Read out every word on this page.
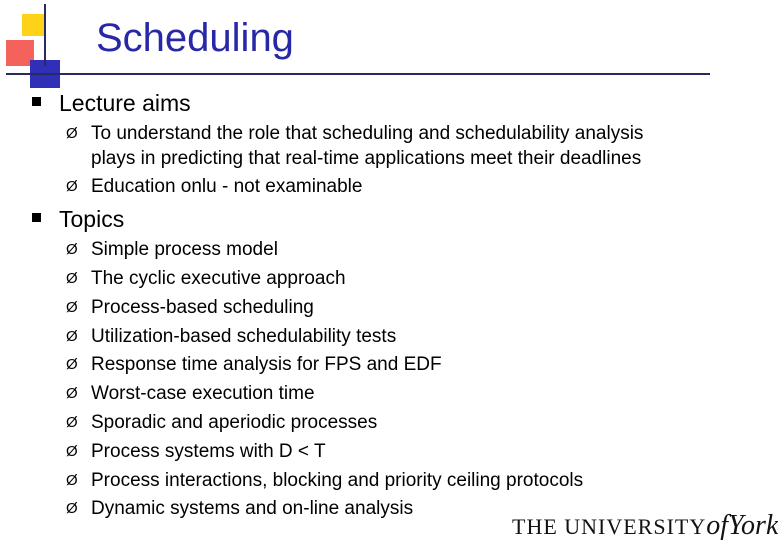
Scheduling
Lecture aims
Ø To understand the role that scheduling and schedulability analysis
plays in predicting that real-time applications meet their deadlines
Ø Education onlu - not examinable
Topics
Ø Simple process model
Ø The cyclic executive approach
Ø Process-based scheduling
Ø Utilization-based schedulability tests
Ø Response time analysis for FPS and EDF
Ø Worst-case execution time
Ø Sporadic and aperiodic processes
Ø Process systems with D < T
Ø Process interactions, blocking and priority ceiling protocols
Ø Dynamic systems and on-line analysis
THE UNIVERSITYofYork
